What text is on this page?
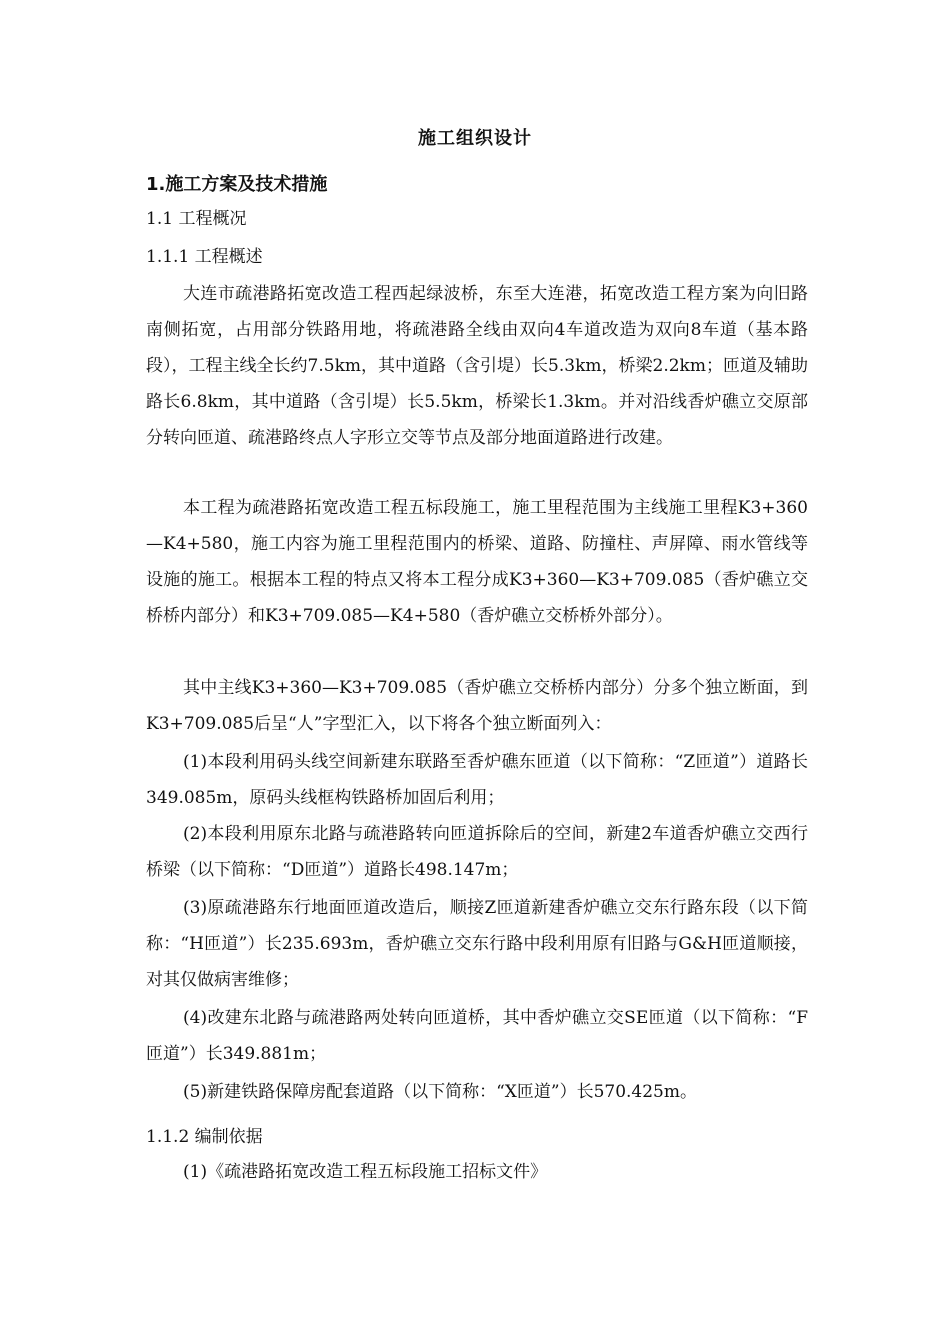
施工组织设计
1.施工方案及技术措施
1.1 工程概况
1.1.1 工程概述

大连市疏港路拓宽改造工程西起绿波桥，东至大连港，拓宽改造工程方案为向旧路南侧拓宽，占用部分铁路用地，将疏港路全线由双向4车道改造为双向8车道（基本路段），工程主线全长约7.5km，其中道路（含引堤）长5.3km，桥梁2.2km；匝道及辅助路长6.8km，其中道路（含引堤）长5.5km，桥梁长1.3km。并对沿线香炉礁立交原部分转向匝道、疏港路终点人字形立交等节点及部分地面道路进行改建。

本工程为疏港路拓宽改造工程五标段施工，施工里程范围为主线施工里程K3+360—K4+580，施工内容为施工里程范围内的桥梁、道路、防撞柱、声屏障、雨水管线等设施的施工。根据本工程的特点又将本工程分成K3+360—K3+709.085（香炉礁立交桥桥内部分）和K3+709.085—K4+580（香炉礁立交桥桥外部分）。

其中主线K3+360—K3+709.085（香炉礁立交桥桥内部分）分多个独立断面，到K3+709.085后呈“人”字型汇入，以下将各个独立断面列入：

(1)本段利用码头线空间新建东联路至香炉礁东匝道（以下简称：“Z匝道”）道路长349.085m，原码头线框构铁路桥加固后利用；

(2)本段利用原东北路与疏港路转向匝道拆除后的空间，新建2车道香炉礁立交西行桥梁（以下简称：“D匝道”）道路长498.147m；

(3)原疏港路东行地面匝道改造后，顺接Z匝道新建香炉礁立交东行路东段（以下简称：“H匝道”）长235.693m，香炉礁立交东行路中段利用原有旧路与G&H匝道顺接，对其仅做病害维修；

(4)改建东北路与疏港路两处转向匝道桥，其中香炉礁立交SE匝道（以下简称：“F匝道”）长349.881m；

(5)新建铁路保障房配套道路（以下简称：“X匝道”）长570.425m。

1.1.2 编制依据

(1)《疏港路拓宽改造工程五标段施工招标文件》
